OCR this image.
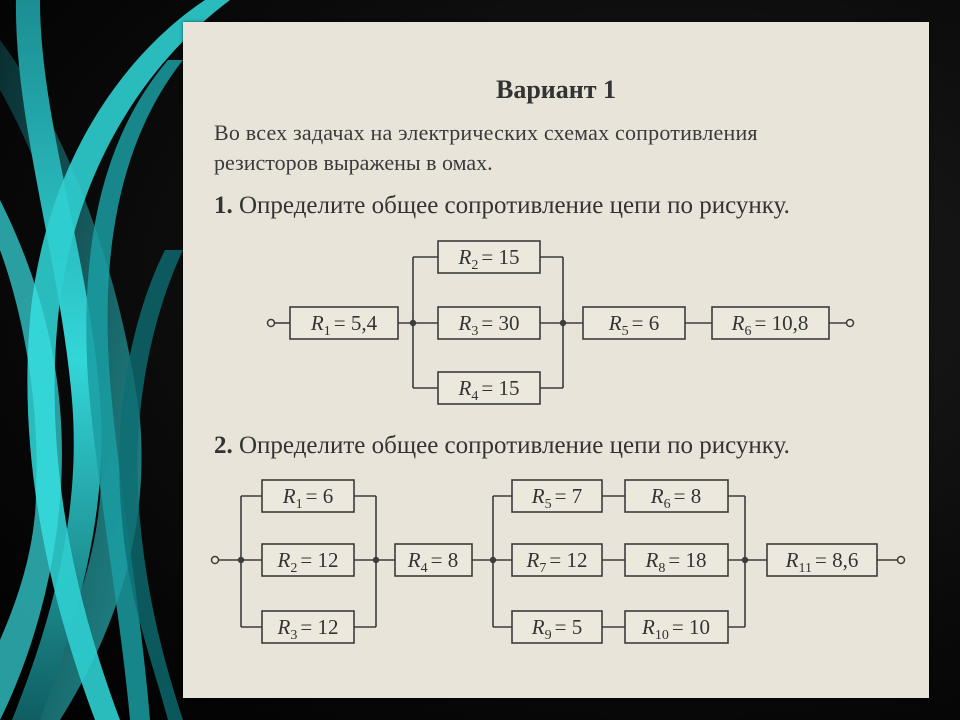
Вариант 1
Во всех задачах на электрических схемах сопротивления
резисторов выражены в омах.
1. Определите общее сопротивление цепи по рисунку.
2. Определите общее сопротивление цепи по рисунку.
$R_1 = 5,4$
$R_2 = 15$
$R_3 = 30$
$R_4 = 15$
$R_5 = 6$	$R_6 = 10,8$
$R_1 = 6$
$R_2 = 12$
$R_3 = 12$
$R_4 = 8$
$R_5 = 7$	$R_6 = 8$
$R_7 = 12$	$R_8 = 18$
$R_9 = 5$	$R_{10} = 10$
$R_{11} = 8,6$
